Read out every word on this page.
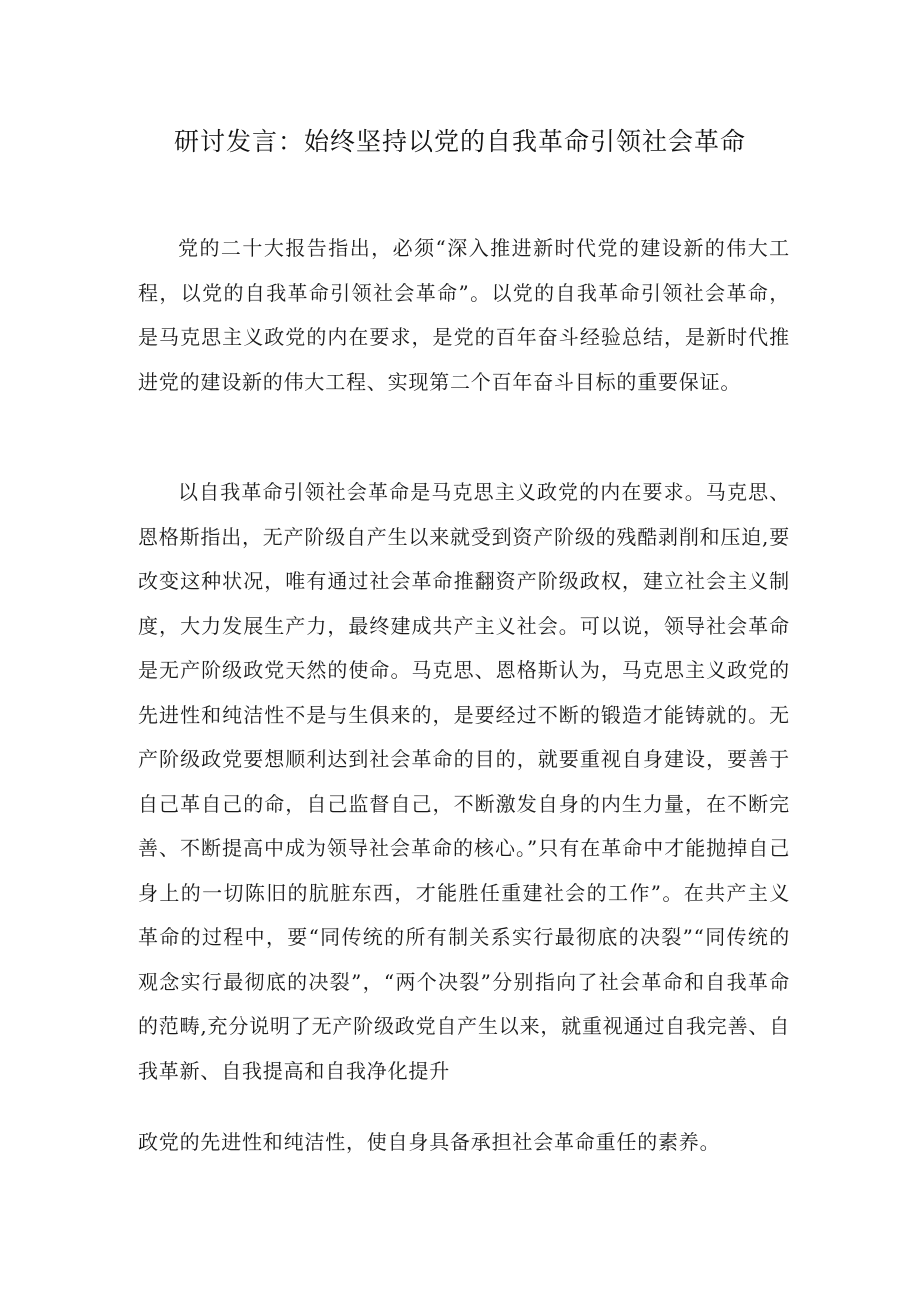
研讨发言：始终坚持以党的自我革命引领社会革命

党的二十大报告指出，必须“深入推进新时代党的建设新的伟大工程，以党的自我革命引领社会革命”。以党的自我革命引领社会革命，是马克思主义政党的内在要求，是党的百年奋斗经验总结，是新时代推进党的建设新的伟大工程、实现第二个百年奋斗目标的重要保证。

以自我革命引领社会革命是马克思主义政党的内在要求。马克思、恩格斯指出，无产阶级自产生以来就受到资产阶级的残酷剥削和压迫,要改变这种状况，唯有通过社会革命推翻资产阶级政权，建立社会主义制度，大力发展生产力，最终建成共产主义社会。可以说，领导社会革命是无产阶级政党天然的使命。马克思、恩格斯认为，马克思主义政党的先进性和纯洁性不是与生俱来的，是要经过不断的锻造才能铸就的。无产阶级政党要想顺利达到社会革命的目的，就要重视自身建设，要善于自己革自己的命，自己监督自己，不断激发自身的内生力量，在不断完善、不断提高中成为领导社会革命的核心。”只有在革命中才能抛掉自己身上的一切陈旧的肮脏东西，才能胜任重建社会的工作”。在共产主义革命的过程中，要“同传统的所有制关系实行最彻底的决裂”“同传统的观念实行最彻底的决裂”，“两个决裂”分别指向了社会革命和自我革命的范畴,充分说明了无产阶级政党自产生以来，就重视通过自我完善、自我革新、自我提高和自我净化提升

政党的先进性和纯洁性，使自身具备承担社会革命重任的素养。
